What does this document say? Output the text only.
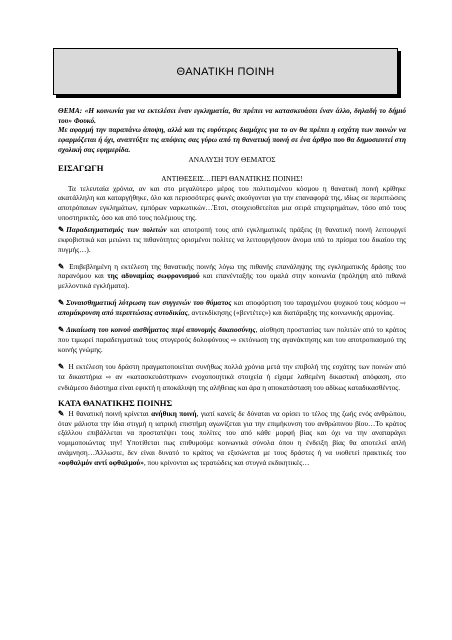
ΘΑΝΑΤΙΚΗ ΠΟΙΝΗ

ΘΕΜΑ: «Η κοινωνία για να εκτελέσει έναν εγκληματία, θα πρέπει να κατασκευάσει έναν άλλο, δηλαδή το δήμιό του» Φουκό.
Με αφορμή την παραπάνω άποψη, αλλά και τις ευρύτερες διαμάχες για το αν θα πρέπει η εσχάτη των ποινών να εφαρμόζεται ή όχι, αναπτύξτε τις απόψεις σας γύρω από τη θανατική ποινή σε ένα άρθρο που θα δημοσιευτεί στη σχολική σας εφημερίδα.

ΑΝΑΛΥΣΗ ΤΟΥ ΘΕΜΑΤΟΣ

ΕΙΣΑΓΩΓΗ

ΑΝΤΙΘΕΣΕΙΣ…ΠΕΡΙ ΘΑΝΑΤΙΚΗΣ ΠΟΙΝΗΣ!

Τα τελευταία χρόνια, αν και στο μεγαλύτερο μέρος του πολιτισμένου κόσμου η θανατική ποινή κρίθηκε ακατάλληλη και καταργήθηκε, όλο και περισσότερες φωνές ακούγονται για την επαναφορά της, ιδίως σε περιπτώσεις αποτρόπαιων εγκλημάτων, εμπόρων ναρκωτικών…Έτσι, στοιχειοθετείται μια σειρά επιχειρημάτων, τόσο από τους υποστηρικτές, όσο και από τους πολέμιους της.

✎ Παραδειγματισμός των πολιτών και αποτροπή τους από εγκληματικές πράξεις (η θανατική ποινή λειτουργεί εκφοβιστικά και μειώνει τις πιθανότητες ορισμένοι πολίτες να λειτουργήσουν άνομα υπό το πρίσμα του δικαίου της πυγμής…).

✎ Επιβεβλημένη η εκτέλεση της θανατικής ποινής λόγω της πιθανής επανάληψης της εγκληματικής δράσης του παρανόμου και της αδυναμίας σωφρονισμού και επανένταξής του ομαλά στην κοινωνία (πρόληψη από πιθανά μελλοντικά εγκλήματα).

✎ Συναισθηματική λύτρωση των συγγενών του θύματος και αποφόρτιση του ταραγμένου ψυχικού τους κόσμου ⇨ απομάκρυνση από περιπτώσεις αυτοδικίας, αντεκδίκησης («βεντέτες») και διατάραξης της κοινωνικής αρμονίας.

✎ Δικαίωση του κοινού αισθήματος περί απονομής δικαιοσύνης, αίσθηση προστασίας των πολιτών από το κράτος που τιμωρεί παραδειγματικά τους στυγερούς δολοφόνους ⇨ εκτόνωση της αγανάκτησης και του αποτροπιασμού της κοινής γνώμης.

✎ Η εκτέλεση του δράστη πραγματοποιείται συνήθως πολλά χρόνια μετά την επιβολή της εσχάτης των ποινών από τα δικαστήρια ⇨ αν «κατασκευάστηκαν» ενοχοποιητικά στοιχεία ή είχαμε λαθεμένη δικαστική απόφαση, στο ενδιάμεσο διάστημα είναι εφικτή η αποκάλυψη της αλήθειας και άρα η αποκατάσταση του αδίκως καταδικασθέντος.

ΚΑΤΑ ΘΑΝΑΤΙΚΗΣ ΠΟΙΝΗΣ

✎ Η θανατική ποινή κρίνεται ανήθικη ποινή, γιατί κανείς δε δύναται να ορίσει το τέλος της ζωής ενός ανθρώπου, όταν μάλιστα την ίδια στιγμή η ιατρική επιστήμη αγωνίζεται για την επιμήκυνση του ανθρώπινου βίου…Το κράτος εξάλλου επιβάλλεται να προστατέψει τους πολίτες του από κάθε μορφή βίας και όχι να την αναπαράγει νομιμοποιώντας την! Υποτίθεται πως επιθυμούμε κοινωνικά σύνολα όπου η ένδειξη βίας θα αποτελεί απλή ανάμνηση…Άλλωστε, δεν είναι δυνατό το κράτος να εξισώνεται με τους δράστες ή να υιοθετεί πρακτικές του «οφθαλμόν αντί οφθαλμού», που κρίνονται ως τερατώδεις και στυγνά εκδικητικές…
